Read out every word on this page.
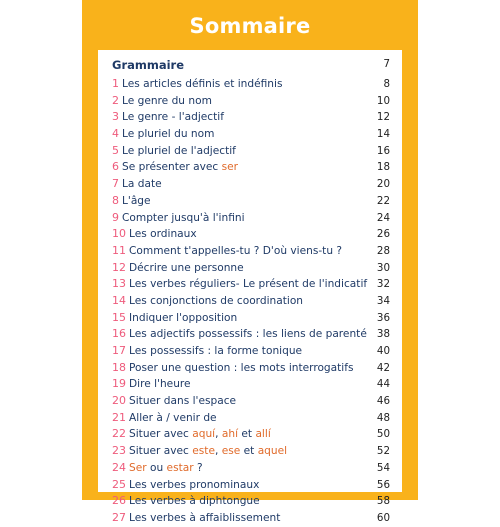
Sommaire
Grammaire	7
1 Les articles définis et indéfinis	8
2 Le genre du nom	10
3 Le genre - l'adjectif	12
4 Le pluriel du nom	14
5 Le pluriel de l'adjectif	16
6 Se présenter avec ser	18
7 La date	20
8 L'âge	22
9 Compter jusqu'à l'infini	24
10 Les ordinaux	26
11 Comment t'appelles-tu ? D'où viens-tu ?	28
12 Décrire une personne	30
13 Les verbes réguliers- Le présent de l'indicatif 32
14 Les conjonctions de coordination	34
15 Indiquer l'opposition	36
16 Les adjectifs possessifs : les liens de parenté 38
17 Les possessifs : la forme tonique	40
18 Poser une question : les mots interrogatifs 42
19 Dire l'heure	44
20 Situer dans l'espace	46
21 Aller à / venir de	48
22 Situer avec aquí, ahí et allí	50
23 Situer avec este, ese et aquel	52
24 Ser ou estar ?	54
25 Les verbes pronominaux	56
26 Les verbes à diphtongue	58
27 Les verbes à affaiblissement	60
